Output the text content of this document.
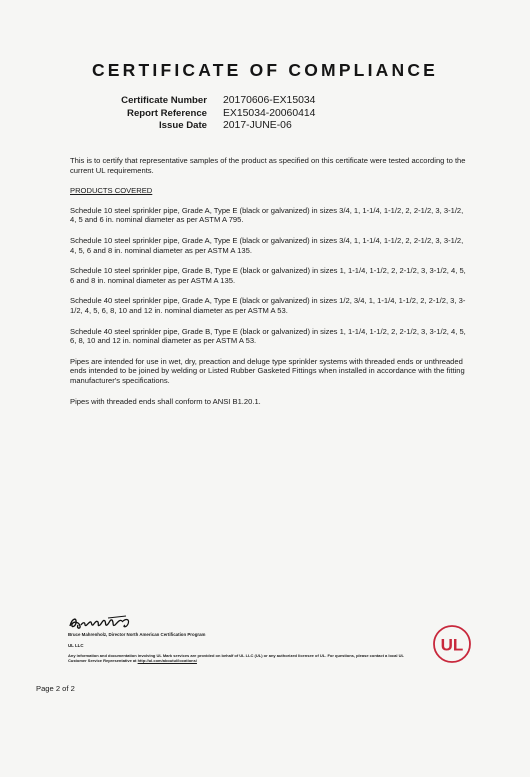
CERTIFICATE OF COMPLIANCE
Certificate Number	20170606-EX15034
Report Reference	EX15034-20060414
Issue Date	2017-JUNE-06

This is to certify that representative samples of the product as specified on this certificate were tested according to the current UL requirements.

PRODUCTS COVERED

Schedule 10 steel sprinkler pipe, Grade A, Type E (black or galvanized) in sizes 3/4, 1, 1-1/4, 1-1/2, 2, 2-1/2, 3, 3-1/2, 4, 5 and 6 in. nominal diameter as per ASTM A 795.

Schedule 10 steel sprinkler pipe, Grade A, Type E (black or galvanized) in sizes 3/4, 1, 1-1/4, 1-1/2, 2, 2-1/2, 3, 3-1/2, 4, 5, 6 and 8 in. nominal diameter as per ASTM A 135.

Schedule 10 steel sprinkler pipe, Grade B, Type E (black or galvanized) in sizes 1, 1-1/4, 1-1/2, 2, 2-1/2, 3, 3-1/2, 4, 5, 6 and 8 in. nominal diameter as per ASTM A 135.

Schedule 40 steel sprinkler pipe, Grade A, Type E (black or galvanized) in sizes 1/2, 3/4, 1, 1-1/4, 1-1/2, 2, 2-1/2, 3, 3-1/2, 4, 5, 6, 8, 10 and 12 in. nominal diameter as per ASTM A 53.

Schedule 40 steel sprinkler pipe, Grade B, Type E (black or galvanized) in sizes 1, 1-1/4, 1-1/2, 2, 2-1/2, 3, 3-1/2, 4, 5, 6, 8, 10 and 12 in. nominal diameter as per ASTM A 53.

Pipes are intended for use in wet, dry, preaction and deluge type sprinkler systems with threaded ends or unthreaded ends intended to be joined by welding or Listed Rubber Gasketed Fittings when installed in accordance with the fitting manufacturer's specifications.

Pipes with threaded ends shall conform to ANSI B1.20.1.

Bruce Mahrenholz, Director North American Certification Program
UL LLC
Any information and documentation involving UL Mark services are provided on behalf of UL LLC (UL) or any authorized licensee of UL. For questions, please contact a local UL Customer Service Representative at http://ul.com/aboutul/locations/
UL
Page 2 of 2
